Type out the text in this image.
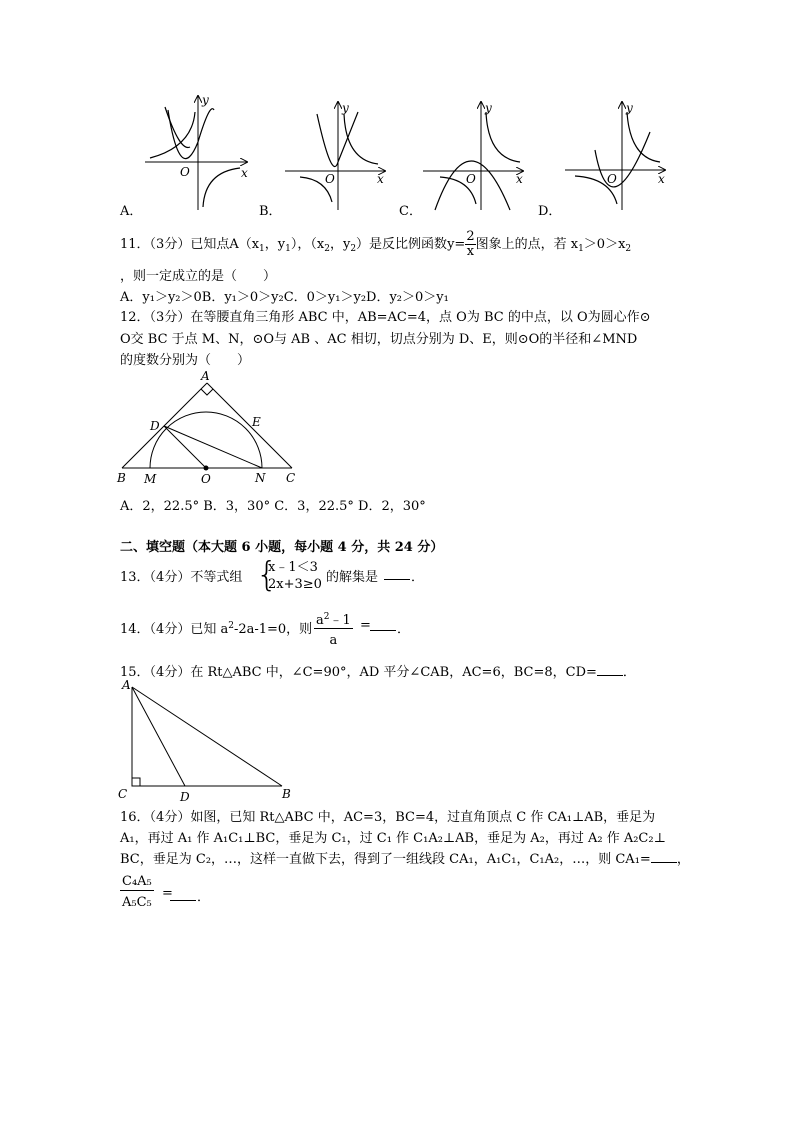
y
x
O
y
x
O
y
x
O
y
x
O
A．	B．	C．	D．
11．（3分）已知点$A(x_1$，$y_1$），（$x_2$，$y_2$）是反比例函数$y= \frac{2}{x}$ 图象上的点，若 $x_1>0>x_2$
，则一定成立的是（　　）
A．y₁＞y₂＞0B．y₁＞0＞y₂C．0＞y₁＞y₂D．y₂＞0＞y₁
12．（3分）在等腰直角三角形 ABC 中，AB=AC=4，点 O为 BC 的中点，以 O为圆心作⊙
O交 BC 于点 M、N，⊙O与 AB 、AC 相切，切点分别为 D、E，则⊙O的半径和∠MND
的度数分别为（　　）
A
D	E
B M	O	N C
A．2，22.5° B．3，30° C．3，22.5° D．2，30°
二、填空题（本大题 6 小题，每小题 4 分，共 24 分）
13．（4分）不等式组 {
x﹣1＜3
2x+3≥0 的解集是	．
14．（4分）已知 $a^2-2a-1=0$，则 $\frac{a^2﹣1}{a}$ = ．
15．（4分）在 Rt△ABC 中，∠C=90°，AD 平分∠CAB，AC=6，BC=8，CD= ．
A
C	D	B
16．（4分）如图，已知 Rt△ABC 中，AC=3，BC=4，过直角顶点 C 作 CA₁⊥AB，垂足为
A₁，再过 A₁ 作 A₁C₁⊥BC，垂足为 C₁，过 C₁ 作 C₁A₂⊥AB，垂足为 A₂，再过 A₂ 作 A₂C₂⊥
BC，垂足为 C₂，…，这样一直做下去，得到了一组线段 CA₁，A₁C₁，C₁A₂，…，则 CA₁= ，
$\frac{\text{C₄A₅}}{\text{A₅C₅}}$ = ．
